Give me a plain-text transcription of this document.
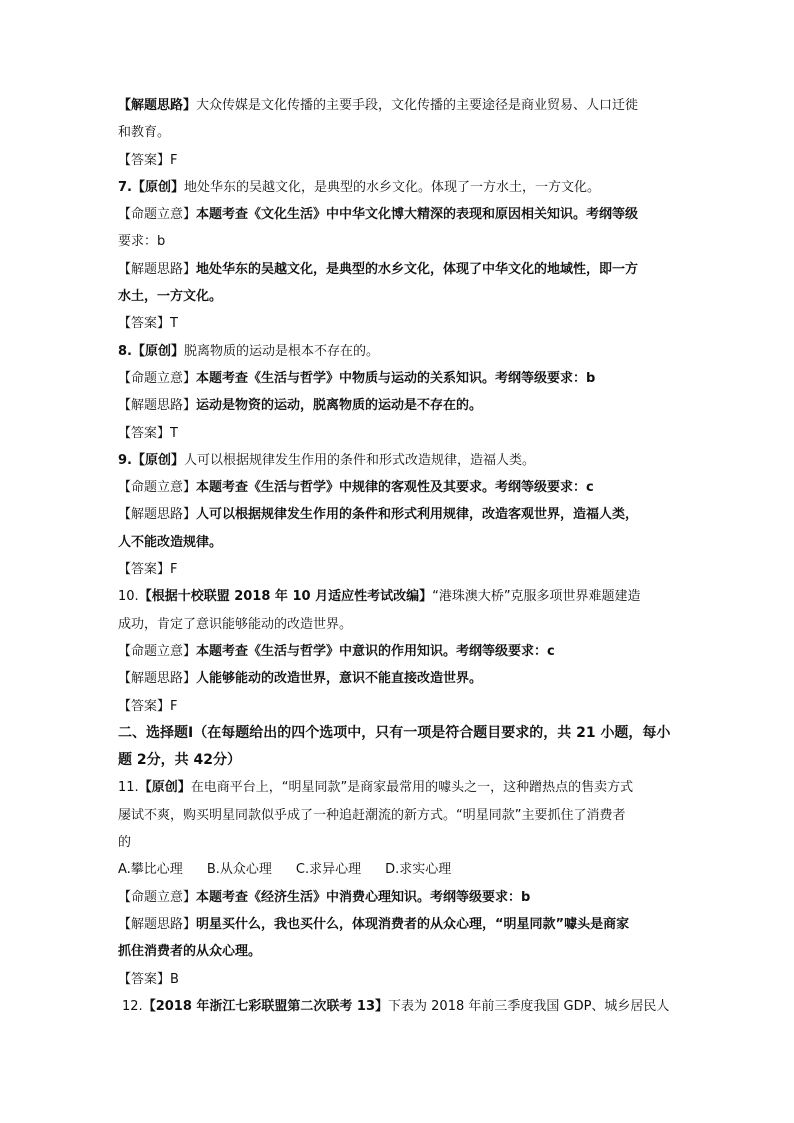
【解题思路】大众传媒是文化传播的主要手段，文化传播的主要途径是商业贸易、人口迁徙
和教育。
【答案】F
7.【原创】地处华东的吴越文化，是典型的水乡文化。体现了一方水土，一方文化。
【命题立意】本题考查《文化生活》中中华文化博大精深的表现和原因相关知识。考纲等级
要求：b
【解题思路】地处华东的吴越文化，是典型的水乡文化，体现了中华文化的地域性，即一方
水土，一方文化。
【答案】T
8.【原创】脱离物质的运动是根本不存在的。
【命题立意】本题考查《生活与哲学》中物质与运动的关系知识。考纲等级要求：b
【解题思路】运动是物资的运动，脱离物质的运动是不存在的。
【答案】T
9.【原创】人可以根据规律发生作用的条件和形式改造规律，造福人类。
【命题立意】本题考查《生活与哲学》中规律的客观性及其要求。考纲等级要求：c
【解题思路】人可以根据规律发生作用的条件和形式利用规律，改造客观世界，造福人类，
人不能改造规律。
【答案】F
10.【根据十校联盟 2018 年 10 月适应性考试改编】“港珠澳大桥”克服多项世界难题建造
成功，肯定了意识能够能动的改造世界。
【命题立意】本题考查《生活与哲学》中意识的作用知识。考纲等级要求：c
【解题思路】人能够能动的改造世界，意识不能直接改造世界。
【答案】F
二、选择题Ⅰ（在每题给出的四个选项中，只有一项是符合题目要求的，共 21 小题，每小
题 2分，共 42分）
11.【原创】在电商平台上，“明星同款”是商家最常用的噱头之一，这种蹭热点的售卖方式
屡试不爽，购买明星同款似乎成了一种追赶潮流的新方式。“明星同款”主要抓住了消费者
的
A.攀比心理 B.从众心理 C.求异心理 D.求实心理
【命题立意】本题考查《经济生活》中消费心理知识。考纲等级要求：b
【解题思路】明星买什么，我也买什么，体现消费者的从众心理，“明星同款”噱头是商家
抓住消费者的从众心理。
【答案】B
12.【2018 年浙江七彩联盟第二次联考 13】下表为 2018 年前三季度我国 GDP、城乡居民人
